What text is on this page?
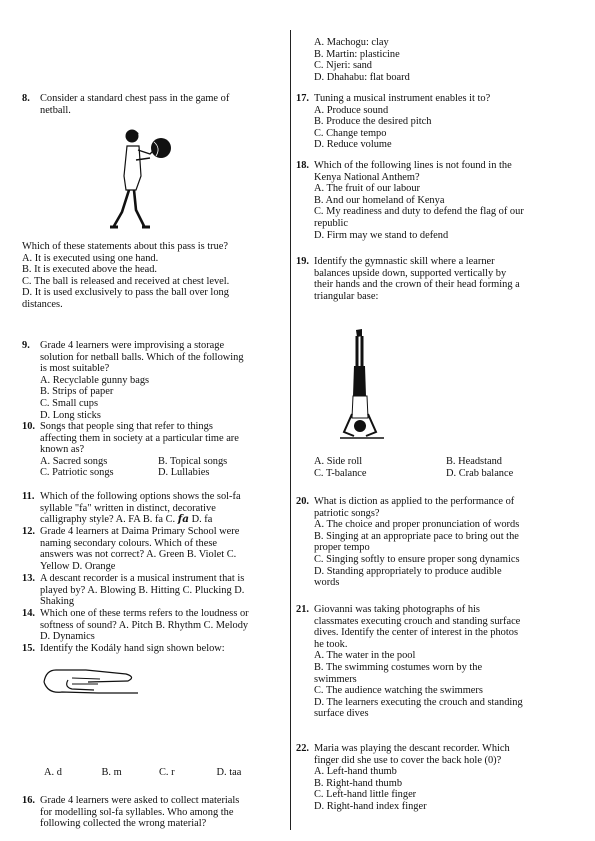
8. Consider a standard chest pass in the game of
netball.
Which of these statements about this pass is true?
A. It is executed using one hand.
B. It is executed above the head.
C. The ball is released and received at chest level.
D. It is used exclusively to pass the ball over long
distances.
9. Grade 4 learners were improvising a storage
solution for netball balls. Which of the following
is most suitable?
A. Recyclable gunny bags
B. Strips of paper
C. Small cups
D. Long sticks
10. Songs that people sing that refer to things
affecting them in society at a particular time are
known as?
A. Sacred songs	B. Topical songs
C. Patriotic songs	D. Lullabies
11. Which of the following options shows the sol-fa
syllable "fa" written in distinct, decorative
calligraphy style? A. FA B. fa C. fa D. fa
12. Grade 4 learners at Daima Primary School were
naming secondary colours. Which of these
answers was not correct? A. Green B. Violet C.
Yellow D. Orange
13. A descant recorder is a musical instrument that is
played by? A. Blowing B. Hitting C. Plucking D.
Shaking
14. Which one of these terms refers to the loudness or
softness of sound? A. Pitch B. Rhythm C. Melody
D. Dynamics
15. Identify the Kodály hand sign shown below:
A. d	B. m	C. r	D. taa
16. Grade 4 learners were asked to collect materials
for modelling sol-fa syllables. Who among the
following collected the wrong material?
A. Machogu: clay
B. Martin: plasticine
C. Njeri: sand
D. Dhahabu: flat board
17. Tuning a musical instrument enables it to?
A. Produce sound
B. Produce the desired pitch
C. Change tempo
D. Reduce volume
18. Which of the following lines is not found in the
Kenya National Anthem?
A. The fruit of our labour
B. And our homeland of Kenya
C. My readiness and duty to defend the flag of our
republic
D. Firm may we stand to defend
19. Identify the gymnastic skill where a learner
balances upside down, supported vertically by
their hands and the crown of their head forming a
triangular base:
A. Side roll	B. Headstand
C. T-balance	D. Crab balance
20. What is diction as applied to the performance of
patriotic songs?
A. The choice and proper pronunciation of words
B. Singing at an appropriate pace to bring out the
proper tempo
C. Singing softly to ensure proper song dynamics
D. Standing appropriately to produce audible
words
21. Giovanni was taking photographs of his
classmates executing crouch and standing surface
dives. Identify the center of interest in the photos
he took.
A. The water in the pool
B. The swimming costumes worn by the
swimmers
C. The audience watching the swimmers
D. The learners executing the crouch and standing
surface dives
22. Maria was playing the descant recorder. Which
finger did she use to cover the back hole (0)?
A. Left-hand thumb
B. Right-hand thumb
C. Left-hand little finger
D. Right-hand index finger
